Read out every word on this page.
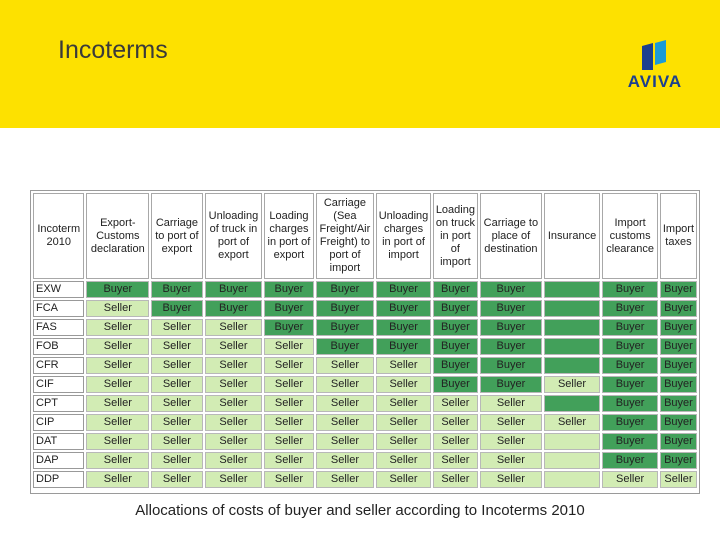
Incoterms
AVIVA
Incoterm 2010	Export-Customs declaration	Carriage to port of export	Unloading of truck in port of export	Loading charges in port of export	Carriage (Sea Freight/Air Freight) to port of import	Unloading charges in port of import	Loading on truck in port of import	Carriage to place of destination	Insurance	Import customs clearance	Import taxes
EXW	Buyer	Buyer	Buyer	Buyer	Buyer	Buyer	Buyer	Buyer		Buyer	Buyer
FCA	Seller	Buyer	Buyer	Buyer	Buyer	Buyer	Buyer	Buyer		Buyer	Buyer
FAS	Seller	Seller	Seller	Buyer	Buyer	Buyer	Buyer	Buyer		Buyer	Buyer
FOB	Seller	Seller	Seller	Seller	Buyer	Buyer	Buyer	Buyer		Buyer	Buyer
CFR	Seller	Seller	Seller	Seller	Seller	Seller	Buyer	Buyer		Buyer	Buyer
CIF	Seller	Seller	Seller	Seller	Seller	Seller	Buyer	Buyer	Seller	Buyer	Buyer
CPT	Seller	Seller	Seller	Seller	Seller	Seller	Seller	Seller		Buyer	Buyer
CIP	Seller	Seller	Seller	Seller	Seller	Seller	Seller	Seller	Seller	Buyer	Buyer
DAT	Seller	Seller	Seller	Seller	Seller	Seller	Seller	Seller		Buyer	Buyer
DAP	Seller	Seller	Seller	Seller	Seller	Seller	Seller	Seller		Buyer	Buyer
DDP	Seller	Seller	Seller	Seller	Seller	Seller	Seller	Seller		Seller	Seller
Allocations of costs of buyer and seller according to Incoterms 2010
